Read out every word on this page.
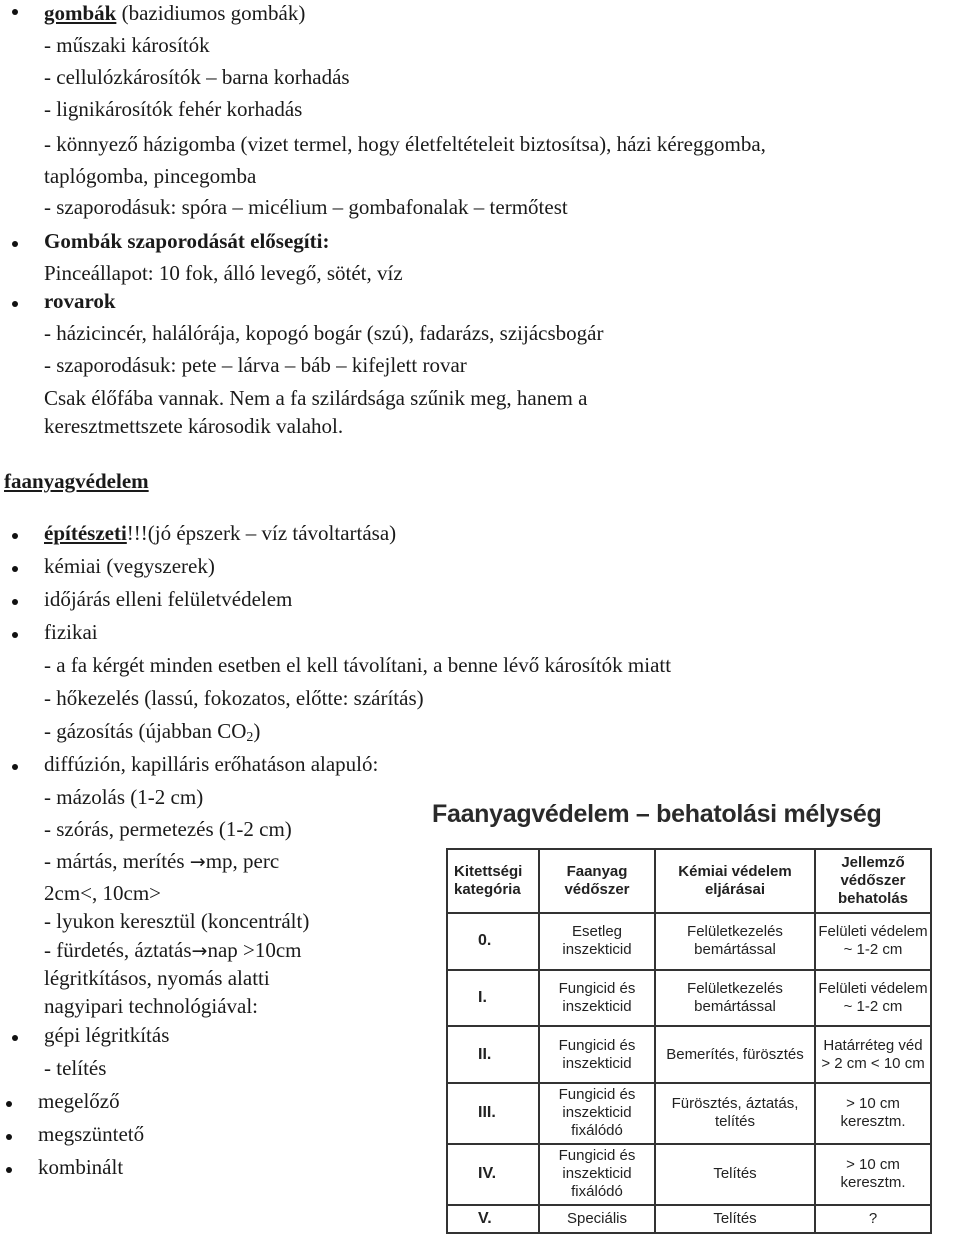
gombák (bazidiumos gombák)
- műszaki károsítók
- cellulózkárosítók – barna korhadás
- lignikárosítók fehér korhadás
- könnyező házigomba (vizet termel, hogy életfeltételeit biztosítsa), házi kéreggomba, taplógomba, pincegomba
- szaporodásuk: spóra – micélium – gombafonalak – termőtest
Gombák szaporodását elősegíti:
Pinceállapot: 10 fok, álló levegő, sötét, víz
rovarok
- házicincér, halálórája, kopogó bogár (szú), fadarázs, szijácsbogár
- szaporodásuk: pete – lárva – báb – kifejlett rovar
Csak élőfába vannak. Nem a fa szilárdsága szűnik meg, hanem a keresztmettszete károsodik valahol.
faanyagvédelem
építészeti!!!(jó épszerk – víz távoltartása)
kémiai (vegyszerek)
időjárás elleni felületvédelem
fizikai
- a fa kérgét minden esetben el kell távolítani, a benne lévő károsítók miatt
- hőkezelés (lassú, fokozatos, előtte: szárítás)
- gázosítás (újabban $CO_2$)
diffúzión, kapilláris erőhatáson alapuló:
- mázolás (1-2 cm)
- szórás, permetezés (1-2 cm)
- mártás, merítés →mp, perc
2cm<, 10cm>
- lyukon keresztül (koncentrált)
- fürdetés, áztatás→nap >10cm
légritkításos, nyomás alatti
nagyipari technológiával:
gépi légritkítás
- telítés
megelőző
megszüntető
kombinált
Faanyagvédelem – behatolási mélység
Kitettségi kategória	Faanyag védőszer	Kémiai védelem eljárásai	Jellemző védőszer behatolás
0.	Esetleg inszekticid	Felületkezelés bemártással	Felületi védelem ~ 1-2 cm
I.	Fungicid és inszekticid	Felületkezelés bemártással	Felületi védelem ~ 1-2 cm
II.	Fungicid és inszekticid	Bemerítés, fürösztés	Határréteg véd > 2 cm < 10 cm
III.	Fungicid és inszekticid fixálódó	Fürösztés, áztatás, telítés	> 10 cm keresztm.
IV.	Fungicid és inszekticid fixálódó	Telítés	> 10 cm keresztm.
V.	Speciális	Telítés	?
